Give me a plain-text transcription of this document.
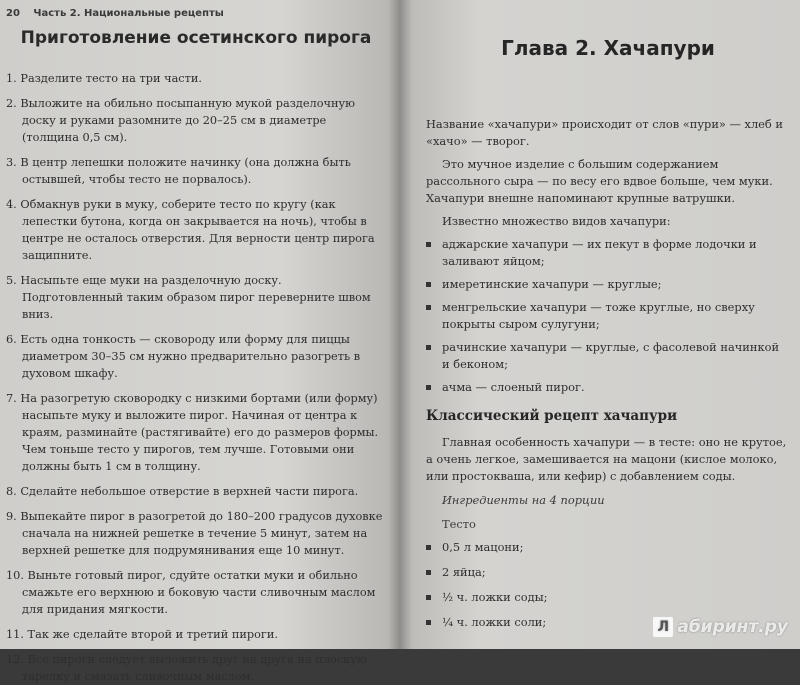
20 Часть 2. Национальные рецепты
Приготовление осетинского пирога
1. Разделите тесто на три части.
2. Выложите на обильно посыпанную мукой разделочную доску и руками разомните до 20–25 см в диаметре (толщина 0,5 см).
3. В центр лепешки положите начинку (она должна быть остывшей, чтобы тесто не порвалось).
4. Обмакнув руки в муку, соберите тесто по кругу (как лепестки бутона, когда он закрывается на ночь), чтобы в центре не осталось отверстия. Для верности центр пирога защипните.
5. Насыпьте еще муки на разделочную доску. Подготовленный таким образом пирог переверните швом вниз.
6. Есть одна тонкость — сковороду или форму для пиццы диаметром 30–35 см нужно предварительно разогреть в духовом шкафу.
7. На разогретую сковородку с низкими бортами (или форму) насыпьте муку и выложите пирог. Начиная от центра к краям, разминайте (растягивайте) его до размеров формы. Чем тоньше тесто у пирогов, тем лучше. Готовыми они должны быть 1 см в толщину.
8. Сделайте небольшое отверстие в верхней части пирога.
9. Выпекайте пирог в разогретой до 180–200 градусов духовке сначала на нижней решетке в течение 5 минут, затем на верхней решетке для подрумянивания еще 10 минут.
10. Выньте готовый пирог, сдуйте остатки муки и обильно смажьте его верхнюю и боковую части сливочным маслом для придания мягкости.
11. Так же сделайте второй и третий пироги.
12. Все пироги следует выложить друг на друга на плоскую тарелку и смазать сливочным маслом.
Глава 2. Хачапури

Название «хачапури» происходит от слов «пури» — хлеб и «хачо» — творог.

Это мучное изделие с большим содержанием рассольного сыра — по весу его вдвое больше, чем муки. Хачапури внешне напоминают крупные ватрушки.

Известно множество видов хачапури:

аджарские хачапури — их пекут в форме лодочки и заливают яйцом;
имеретинские хачапури — круглые;
менгрельские хачапури — тоже круглые, но сверху покрыты сыром сулугуни;
рачинские хачапури — круглые, с фасолевой начинкой и беконом;
ачма — слоеный пирог.
Классический рецепт хачапури

Главная особенность хачапури — в тесте: оно не крутое, а очень легкое, замешивается на мацони (кислое молоко, или простокваша, или кефир) с добавлением соды.

Ингредиенты на 4 порции
Тесто
0,5 л мацони;
2 яйца;
½ ч. ложки соды;
¼ ч. ложки соли;	Л абиринт.ру
